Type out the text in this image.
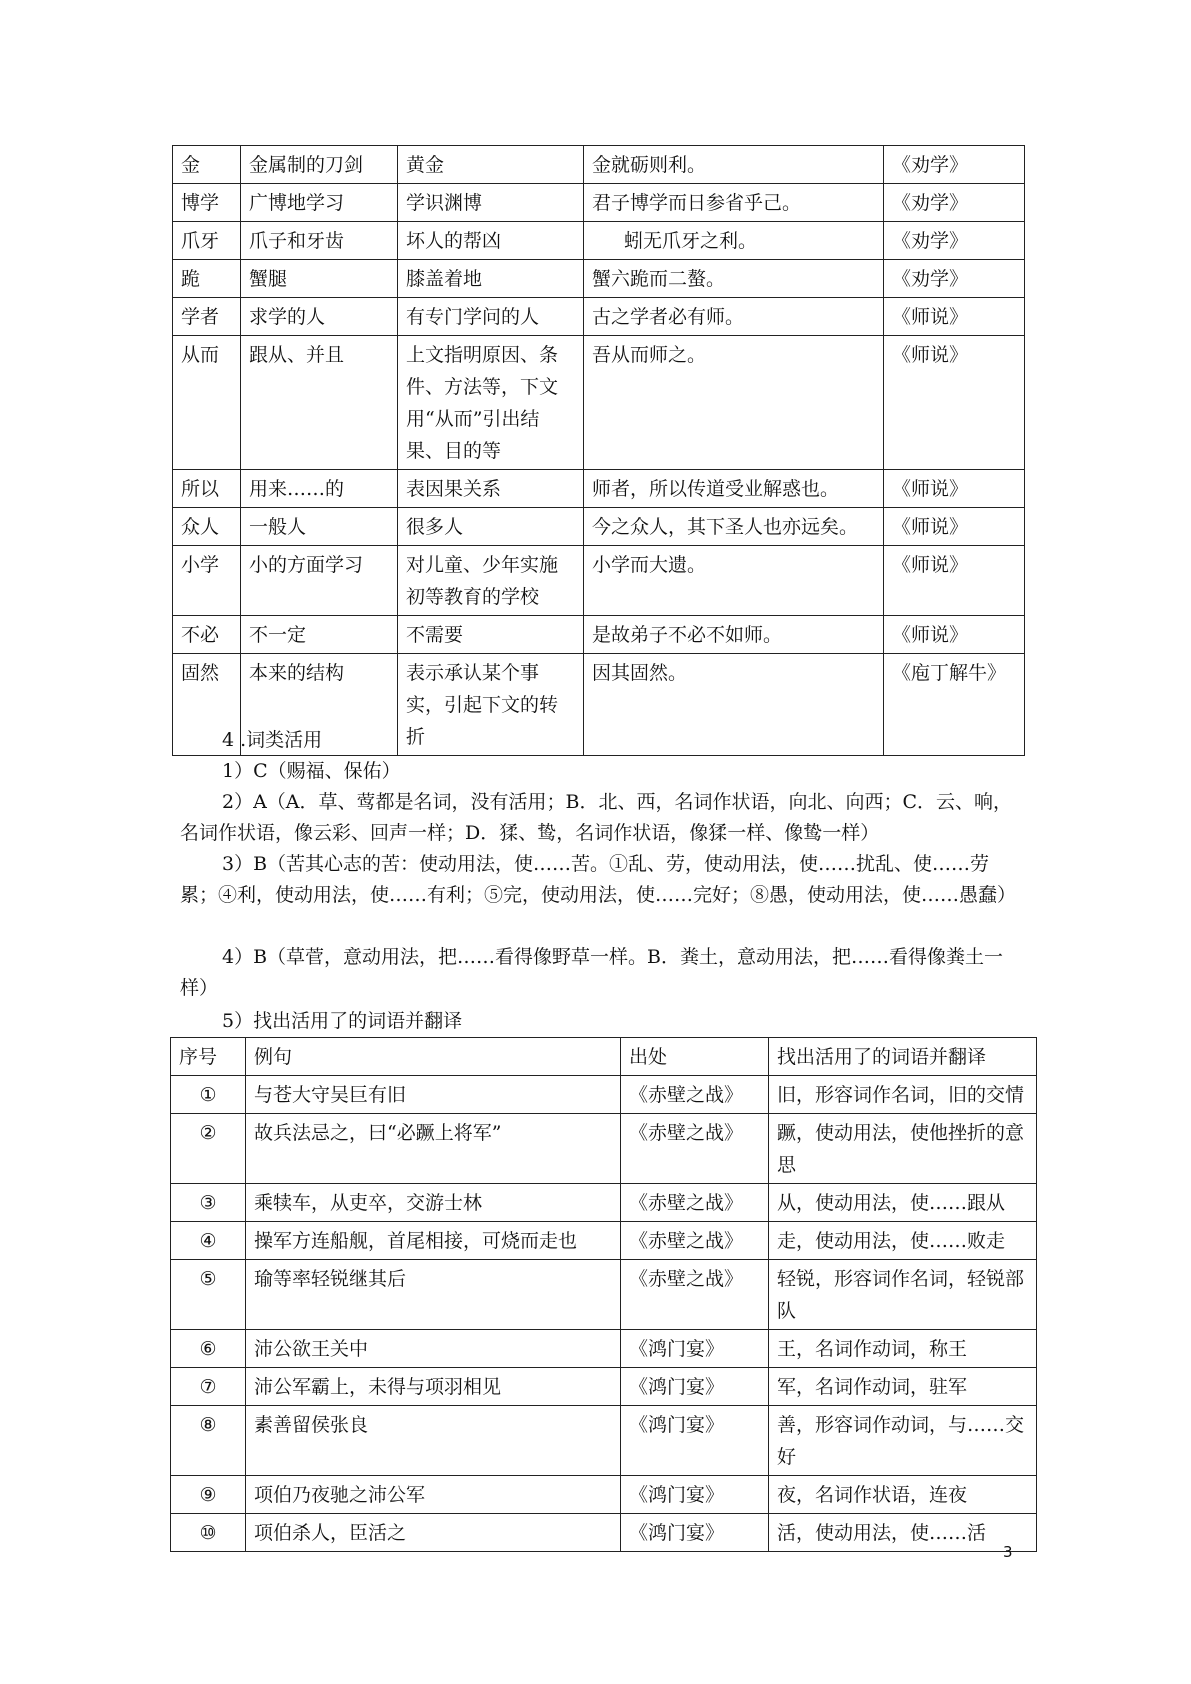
金	金属制的刀剑	黄金	金就砺则利。	《劝学》
博学	广博地学习	学识渊博	君子博学而日参省乎己。	《劝学》
爪牙	爪子和牙齿	坏人的帮凶	蚓无爪牙之利。	《劝学》
跪	蟹腿	膝盖着地	蟹六跪而二螯。	《劝学》
学者	求学的人	有专门学问的人	古之学者必有师。	《师说》
从而	跟从、并且	上文指明原因、条件、方法等，下文用“从而”引出结果、目的等	吾从而师之。	《师说》
所以	用来……的	表因果关系	师者，所以传道受业解惑也。	《师说》
众人	一般人	很多人	今之众人，其下圣人也亦远矣。	《师说》
小学	小的方面学习	对儿童、少年实施初等教育的学校	小学而大遗。	《师说》
不必	不一定	不需要	是故弟子不必不如师。	《师说》
固然	本来的结构	表示承认某个事实，引起下文的转折	因其固然。	《庖丁解牛》

4 .词类活用

1）C（赐福、保佑）

2）A（A．草、莺都是名词，没有活用；B．北、西，名词作状语，向北、向西；C．云、响，名词作状语，像云彩、回声一样；D．猱、鸷，名词作状语，像猱一样、像鸷一样）

3）B（苦其心志的苦：使动用法，使……苦。①乱、劳，使动用法，使……扰乱、使……劳累；④利，使动用法，使……有利；⑤完，使动用法，使……完好；⑧愚，使动用法，使……愚蠢）

4）B（草菅，意动用法，把……看得像野草一样。B．粪土，意动用法，把……看得像粪土一样）

5）找出活用了的词语并翻译

序号	例句	出处	找出活用了的词语并翻译
①	与苍大守吴巨有旧	《赤壁之战》	旧，形容词作名词，旧的交情
②	故兵法忌之，曰“必蹶上将军”	《赤壁之战》	蹶，使动用法，使他挫折的意思
③	乘犊车，从吏卒，交游士林	《赤壁之战》	从，使动用法，使……跟从
④	操军方连船舰，首尾相接，可烧而走也	《赤壁之战》	走，使动用法，使……败走
⑤	瑜等率轻锐继其后	《赤壁之战》	轻锐，形容词作名词，轻锐部队
⑥	沛公欲王关中	《鸿门宴》	王，名词作动词，称王
⑦	沛公军霸上，未得与项羽相见	《鸿门宴》	军，名词作动词，驻军
⑧	素善留侯张良	《鸿门宴》	善，形容词作动词，与……交好
⑨	项伯乃夜驰之沛公军	《鸿门宴》	夜，名词作状语，连夜
⑩	项伯杀人，臣活之	《鸿门宴》	活，使动用法，使……活
3
